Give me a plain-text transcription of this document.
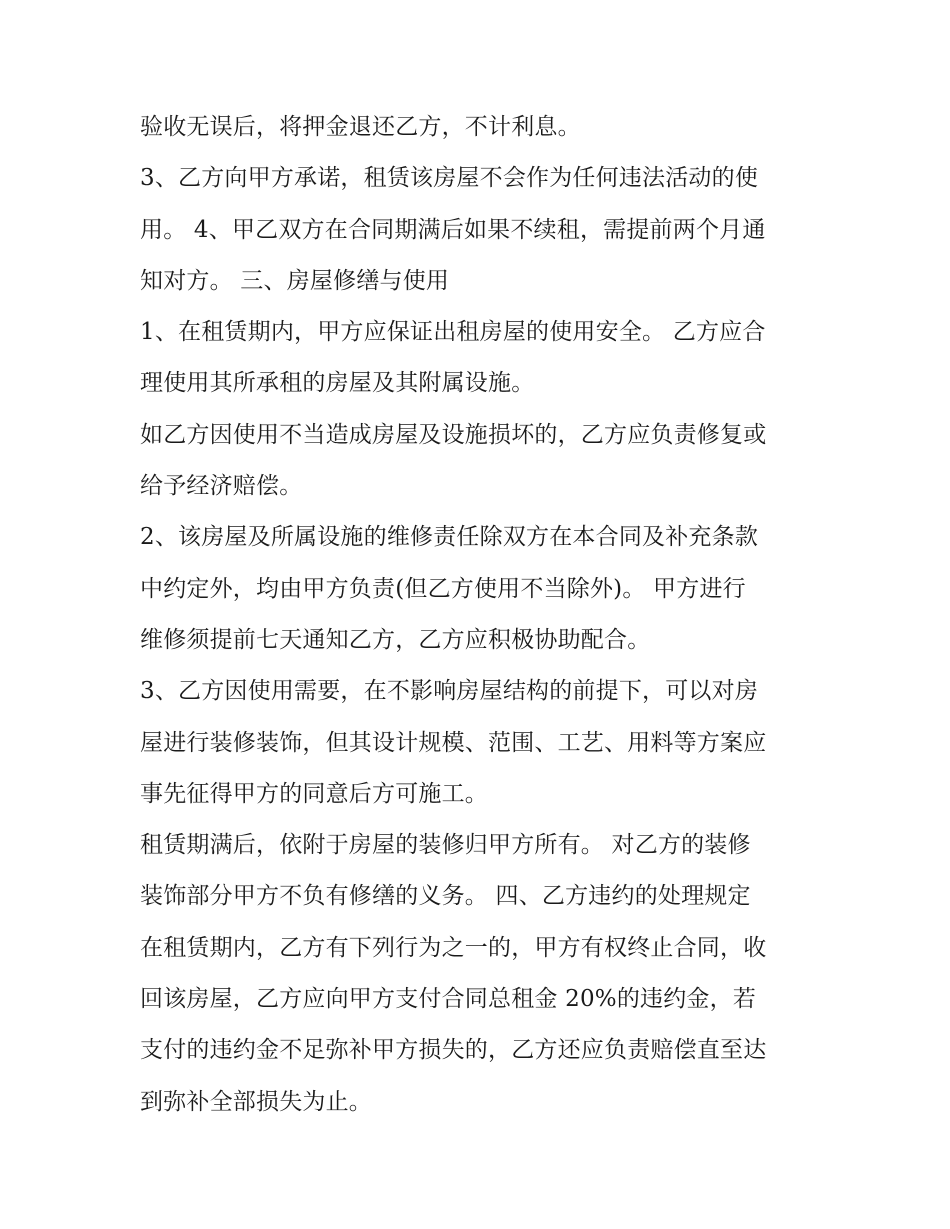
验收无误后，将押金退还乙方，不计利息。
3、乙方向甲方承诺，租赁该房屋不会作为任何违法活动的使
用。 4、甲乙双方在合同期满后如果不续租，需提前两个月通
知对方。 三、房屋修缮与使用
1、在租赁期内，甲方应保证出租房屋的使用安全。 乙方应合
理使用其所承租的房屋及其附属设施。
如乙方因使用不当造成房屋及设施损坏的，乙方应负责修复或
给予经济赔偿。
2、该房屋及所属设施的维修责任除双方在本合同及补充条款
中约定外，均由甲方负责(但乙方使用不当除外)。 甲方进行
维修须提前七天通知乙方，乙方应积极协助配合。
3、乙方因使用需要，在不影响房屋结构的前提下，可以对房
屋进行装修装饰，但其设计规模、范围、工艺、用料等方案应
事先征得甲方的同意后方可施工。
租赁期满后，依附于房屋的装修归甲方所有。 对乙方的装修
装饰部分甲方不负有修缮的义务。 四、乙方违约的处理规定
在租赁期内，乙方有下列行为之一的，甲方有权终止合同，收
回该房屋，乙方应向甲方支付合同总租金 20%的违约金，若
支付的违约金不足弥补甲方损失的，乙方还应负责赔偿直至达
到弥补全部损失为止。
